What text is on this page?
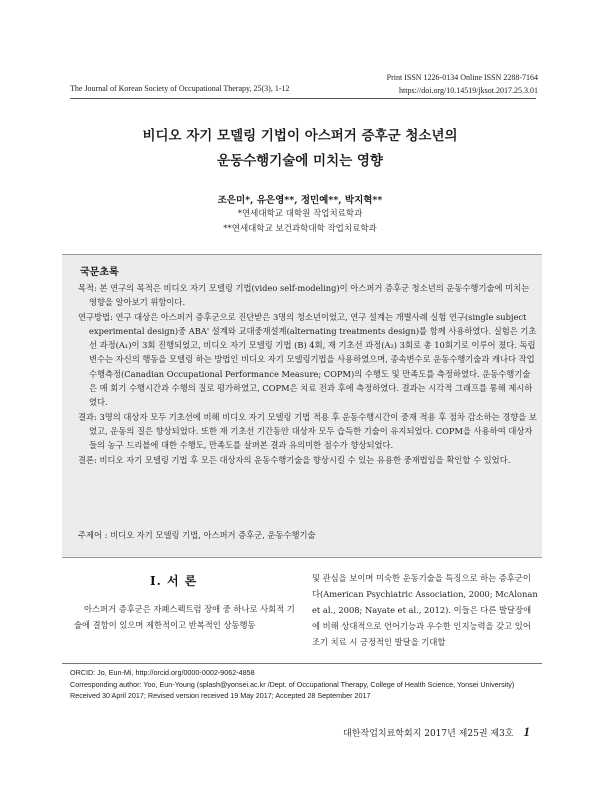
Print ISSN 1226-0134 Online ISSN 2288-7164
https://doi.org/10.14519/jksot.2017.25.3.01
The Journal of Korean Society of Occupational Therapy, 25(3), 1-12
비디오 자기 모델링 기법이 아스퍼거 증후군 청소년의
운동수행기술에 미치는 영향
조은미*, 유은영**, 정민예**, 박지혁**
*연세대학교 대학원 작업치료학과
**연세대학교 보건과학대학 작업치료학과
국문초록

목적: 본 연구의 목적은 비디오 자기 모델링 기법(video self-modeling)이 아스퍼거 증후군 청소년의 운동수행기술에 미치는 영향을 알아보기 위함이다.

연구방법: 연구 대상은 아스퍼거 증후군으로 진단받은 3명의 청소년이었고, 연구 설계는 개별사례 실험 연구(single subject experimental design)중 ABA' 설계와 교대중재설계(alternating treatments design)를 함께 사용하였다. 실험은 기초선 과정(A₁)이 3회 진행되었고, 비디오 자기 모델링 기법 (B) 4회, 재 기초선 과정(A₂) 3회로 총 10회기로 이루어 졌다. 독립변수는 자신의 행동을 모델링 하는 방법인 비디오 자기 모델링기법을 사용하였으며, 종속변수로 운동수행기술과 캐나다 작업수행측정(Canadian Occupational Performance Measure; COPM)의 수행도 및 만족도를 측정하였다. 운동수행기술은 매 회기 수행시간과 수행의 질로 평가하였고, COPM은 치료 전과 후에 측정하였다. 결과는 시각적 그래프를 통해 제시하였다.

결과: 3명의 대상자 모두 기초선에 비해 비디오 자기 모델링 기법 적용 후 운동수행시간이 중재 적용 후 점차 감소하는 경향을 보였고, 운동의 질은 향상되었다. 또한 재 기초선 기간동안 대상자 모두 습득한 기술이 유지되었다. COPM을 사용하여 대상자들의 농구 드리블에 대한 수행도, 만족도를 살펴본 결과 유의미한 점수가 향상되었다.

결론: 비디오 자기 모델링 기법 후 모든 대상자의 운동수행기술을 향상시킬 수 있는 유용한 중재법임을 확인할 수 있었다.

주제어 : 비디오 자기 모델링 기법, 아스퍼거 증후군, 운동수행기술
Ⅰ. 서 론
아스퍼거 증후군은 자폐스펙트럼 장애 중 하나로 사회적 기술에 결함이 있으며 제한적이고 반복적인 상동행동
및 관심을 보이며 미숙한 운동기술을 특징으로 하는 증후군이다(American Psychiatric Association, 2000; McAlonan et al., 2008; Nayate et al., 2012). 이들은 다른 발달장애에 비해 상대적으로 언어기능과 우수한 인지능력을 갖고 있어 조기 치료 시 긍정적인 발달을 기대할
ORCID: Jo, Eun-Mi, http://orcid.org/0000-0002-9062-4858
Corresponding author: Yoo, Eun-Young (splash@yonsei.ac.kr /Dept. of Occupational Therapy, College of Health Science, Yonsei University)
Received 30 April 2017; Revised version received 19 May 2017; Accepted 28 September 2017
대한작업치료학회지 2017년 제25권 제3호 1
